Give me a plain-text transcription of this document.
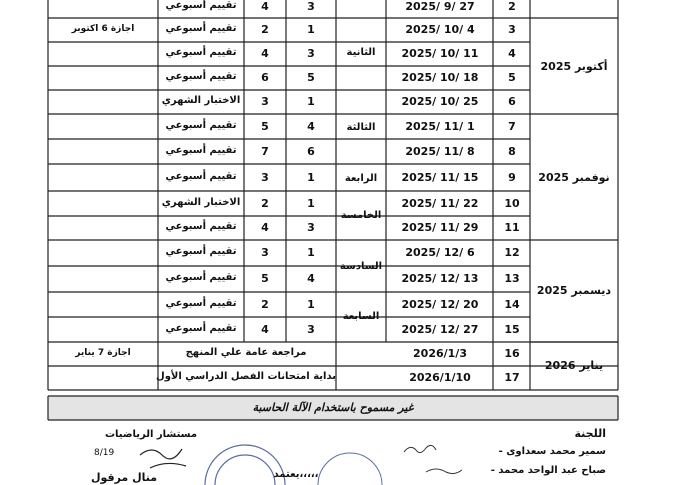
2
2025/ 9/ 27
3
4
تقييم أسبوعي
3
2025/ 10/ 4
1
2
تقييم أسبوعي
4
2025/ 10/ 11
3
4
تقييم أسبوعي
5
2025/ 10/ 18
5
6
تقييم أسبوعي
6
2025/ 10/ 25
1
3
الاختبار الشهري
7
2025/ 11/ 1
4
5
تقييم أسبوعي
8
2025/ 11/ 8
6
7
تقييم أسبوعي
9
2025/ 11/ 15
1
3
تقييم أسبوعي
10
2025/ 11/ 22
1
2
الاختبار الشهري
11
2025/ 11/ 29
3
4
تقييم أسبوعي
12
2025/ 12/ 6
1
3
تقييم أسبوعي
13
2025/ 12/ 13
4
5
تقييم أسبوعي
14
2025/ 12/ 20
1
2
تقييم أسبوعي
15
2025/ 12/ 27
3
4
تقييم أسبوعي
أكتوبر 2025
نوفمبر 2025
ديسمبر 2025
يناير 2026
الثانية
الثالثة
الرابعة
الخامسة
السادسة
السابعة
اجازة 6 اكتوبر
اجازة 7 يناير	16
2026/1/3
مراجعة عامة علي المنهج
17
2026/1/10
بداية امتحانات الفصل الدراسي الأول
غير مسموح باستخدام الآلة الحاسبة
اللجنة
- سمير محمد سعداوى
- صباح عبد الواحد محمد
مستشار الرياضيات
يعتمد،،،،،
منال مرقول
8/19
